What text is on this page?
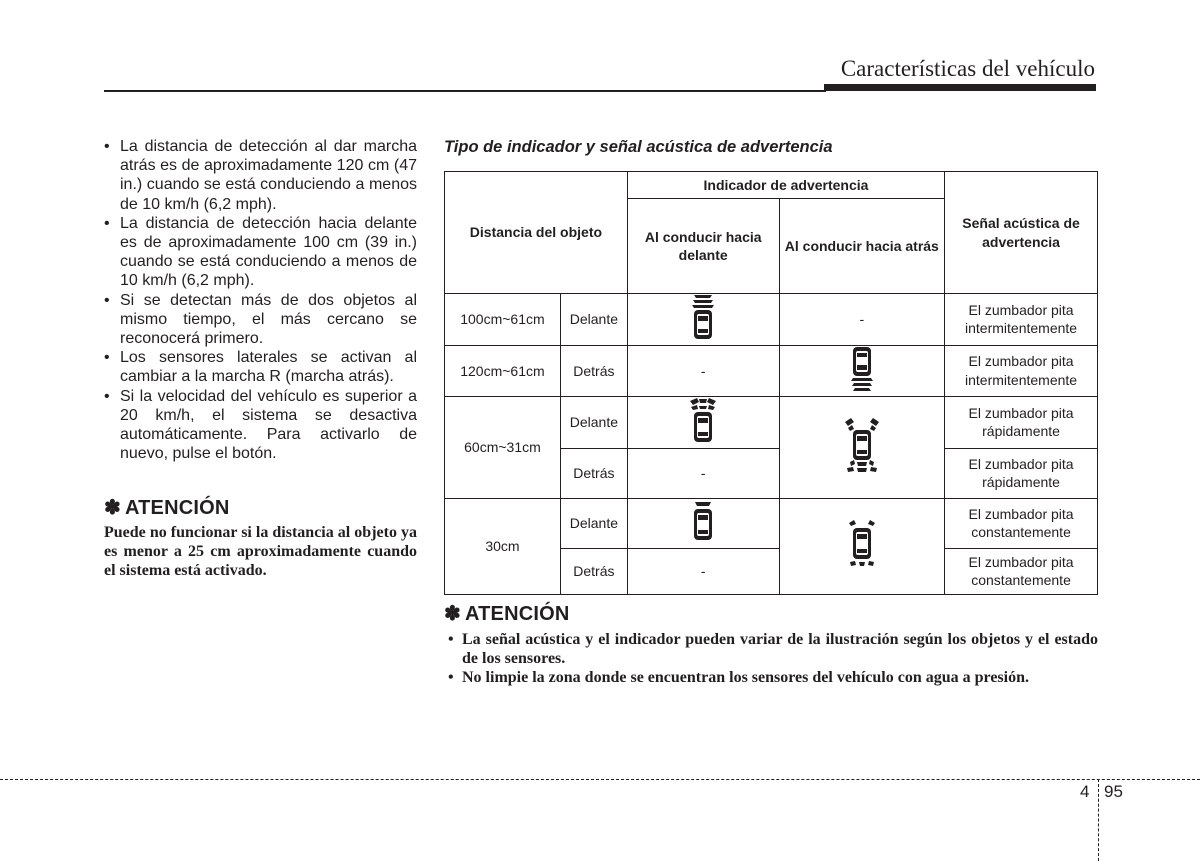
Características del vehículo
• La distancia de detección al dar marcha atrás es de aproximadamente 120 cm (47 in.) cuando se está conduciendo a menos de 10 km/h (6,2 mph).
• La distancia de detección hacia delante es de aproximadamente 100 cm (39 in.) cuando se está conduciendo a menos de 10 km/h (6,2 mph).
• Si se detectan más de dos objetos al mismo tiempo, el más cercano se reconocerá primero.
• Los sensores laterales se activan al cambiar a la marcha R (marcha atrás).
• Si la velocidad del vehículo es superior a 20 km/h, el sistema se desactiva automáticamente. Para activarlo de nuevo, pulse el botón.
✽ ATENCIÓN
Puede no funcionar si la distancia al objeto ya es menor a 25 cm aproximadamente cuando el sistema está activado.
Tipo de indicador y señal acústica de advertencia
Distancia del objeto		Indicador de advertencia		Señal acústica de advertencia
		Al conducir hacia delante	Al conducir hacia atrás	
100cm~61cm	Delante		-	El zumbador pita intermitentemente
120cm~61cm	Detrás	-		El zumbador pita intermitentemente
60cm~31cm	Delante			El zumbador pita rápidamente
	Detrás	-		El zumbador pita rápidamente
30cm	Delante			El zumbador pita constantemente
	Detrás	-		El zumbador pita constantemente
✽ ATENCIÓN
• La señal acústica y el indicador pueden variar de la ilustración según los objetos y el estado de los sensores.
• No limpie la zona donde se encuentran los sensores del vehículo con agua a presión.
4 95
